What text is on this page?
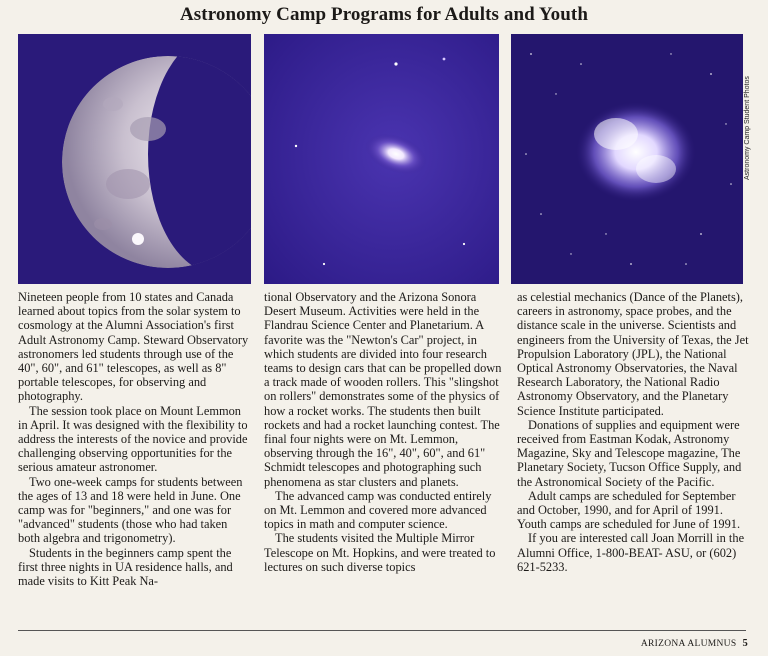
Astronomy Camp Programs for Adults and Youth
Astronomy Camp Student Photos

Nineteen people from 10 states and Canada learned about topics from the solar system to cosmology at the Alumni Association's first Adult Astronomy Camp. Steward Observatory astronomers led students through use of the 40", 60", and 61" telescopes, as well as 8" portable telescopes, for observing and photography.

The session took place on Mount Lemmon in April. It was designed with the flexibility to address the interests of the novice and provide challenging observing opportunities for the serious amateur astronomer.

Two one-week camps for students between the ages of 13 and 18 were held in June. One camp was for "beginners," and one was for "advanced" students (those who had taken both algebra and trigonometry).

Students in the beginners camp spent the first three nights in UA residence halls, and made visits to Kitt Peak Na-

tional Observatory and the Arizona Sonora Desert Museum. Activities were held in the Flandrau Science Center and Planetarium. A favorite was the "Newton's Car" project, in which students are divided into four research teams to design cars that can be propelled down a track made of wooden rollers. This "slingshot on rollers" demonstrates some of the physics of how a rocket works. The students then built rockets and had a rocket launching contest. The final four nights were on Mt. Lemmon, observing through the 16", 40", 60", and 61" Schmidt telescopes and photographing such phenomena as star clusters and planets.

The advanced camp was conducted entirely on Mt. Lemmon and covered more advanced topics in math and computer science.

The students visited the Multiple Mirror Telescope on Mt. Hopkins, and were treated to lectures on such diverse topics

as celestial mechanics (Dance of the Planets), careers in astronomy, space probes, and the distance scale in the universe. Scientists and engineers from the University of Texas, the Jet Propulsion Laboratory (JPL), the National Optical Astronomy Observatories, the Naval Research Laboratory, the National Radio Astronomy Observatory, and the Planetary Science Institute participated.

Donations of supplies and equipment were received from Eastman Kodak, Astronomy Magazine, Sky and Telescope magazine, The Planetary Society, Tucson Office Supply, and the Astronomical Society of the Pacific.

Adult camps are scheduled for September and October, 1990, and for April of 1991. Youth camps are scheduled for June of 1991.

If you are interested call Joan Morrill in the Alumni Office, 1-800-BEAT- ASU, or (602) 621-5233.

ARIZONA ALUMNUS 5
